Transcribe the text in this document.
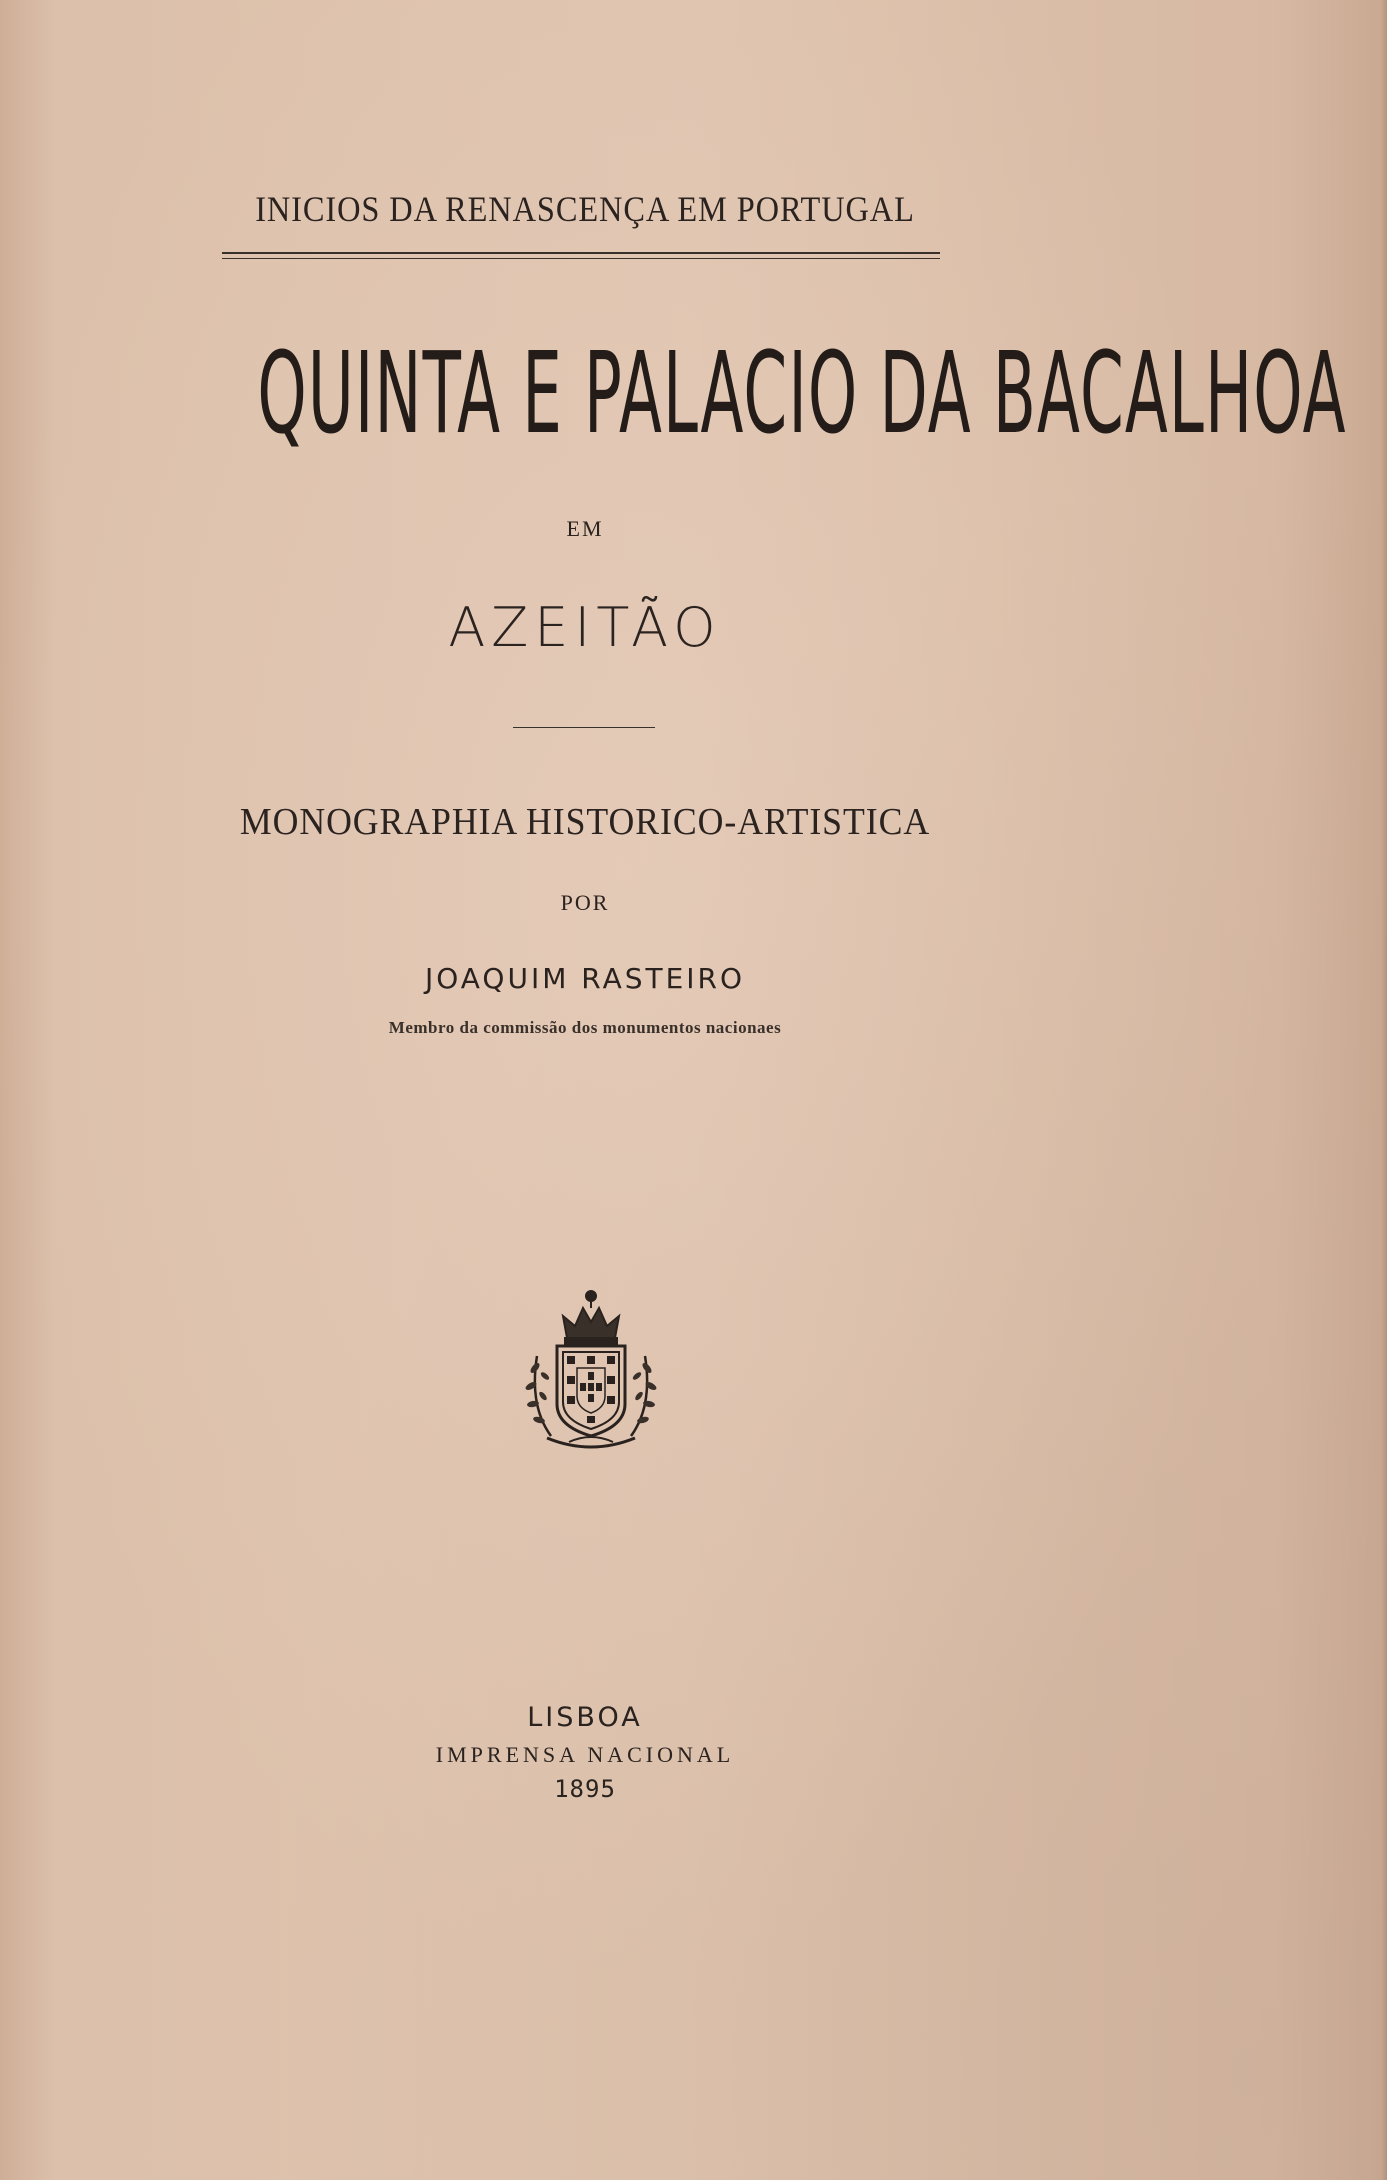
INICIOS DA RENASCENÇA EM PORTUGAL
QUINTA E PALACIO DA BACALHOA
EM
AZEITÃO
MONOGRAPHIA HISTORICO-ARTISTICA
POR
JOAQUIM RASTEIRO
Membro da commissão dos monumentos nacionaes
LISBOA
IMPRENSA NACIONAL
1895
